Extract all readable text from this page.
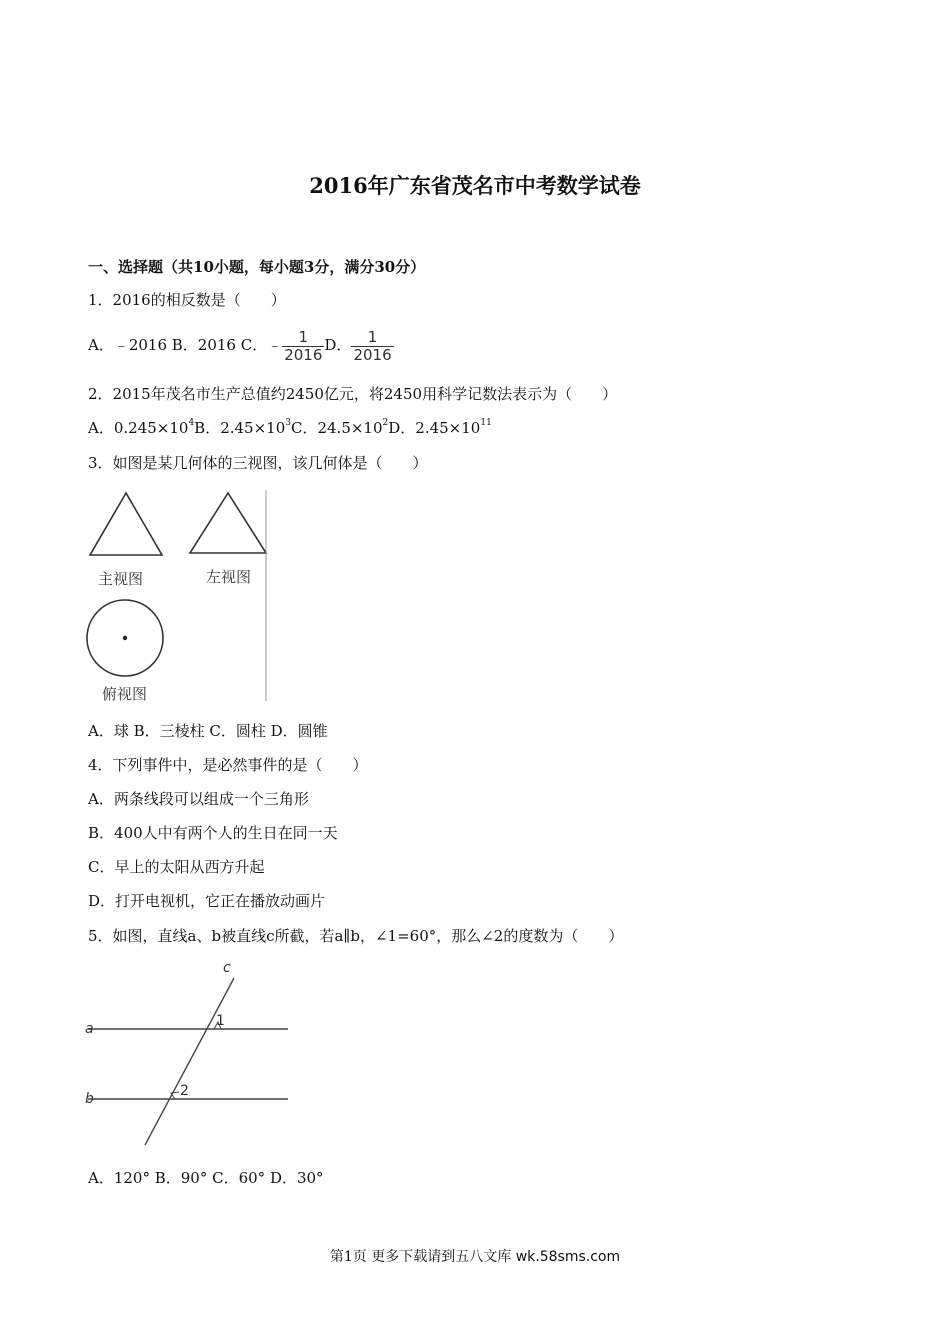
2016年广东省茂名市中考数学试卷
一、选择题（共10小题，每小题3分，满分30分）
1．2016的相反数是（　　）
A．﹣2016 B．2016 C．﹣ $\frac{1}{2016}$ D． $\frac{1}{2016}$
2．2015年茂名市生产总值约2450亿元，将2450用科学记数法表示为（　　）
A．$0.245\times 10^4B$．$2.45\times 10^3C$．$24.5\times 10^2D$．$2.45\times 10^{11}$
3．如图是某几何体的三视图，该几何体是（　　）
主视图	左视图
俯视图
A．球 B．三棱柱 C．圆柱 D．圆锥
4．下列事件中，是必然事件的是（　　）
A．两条线段可以组成一个三角形
B．400人中有两个人的生日在同一天
C．早上的太阳从西方升起
D．打开电视机，它正在播放动画片
5．如图，直线a、b被直线c所截，若a∥b，∠1=60°，那么∠2的度数为（　　）
c
a
b
1
2
A．120° B．90° C．60° D．30°
第1页 更多下载请到五八文库 wk.58sms.com
